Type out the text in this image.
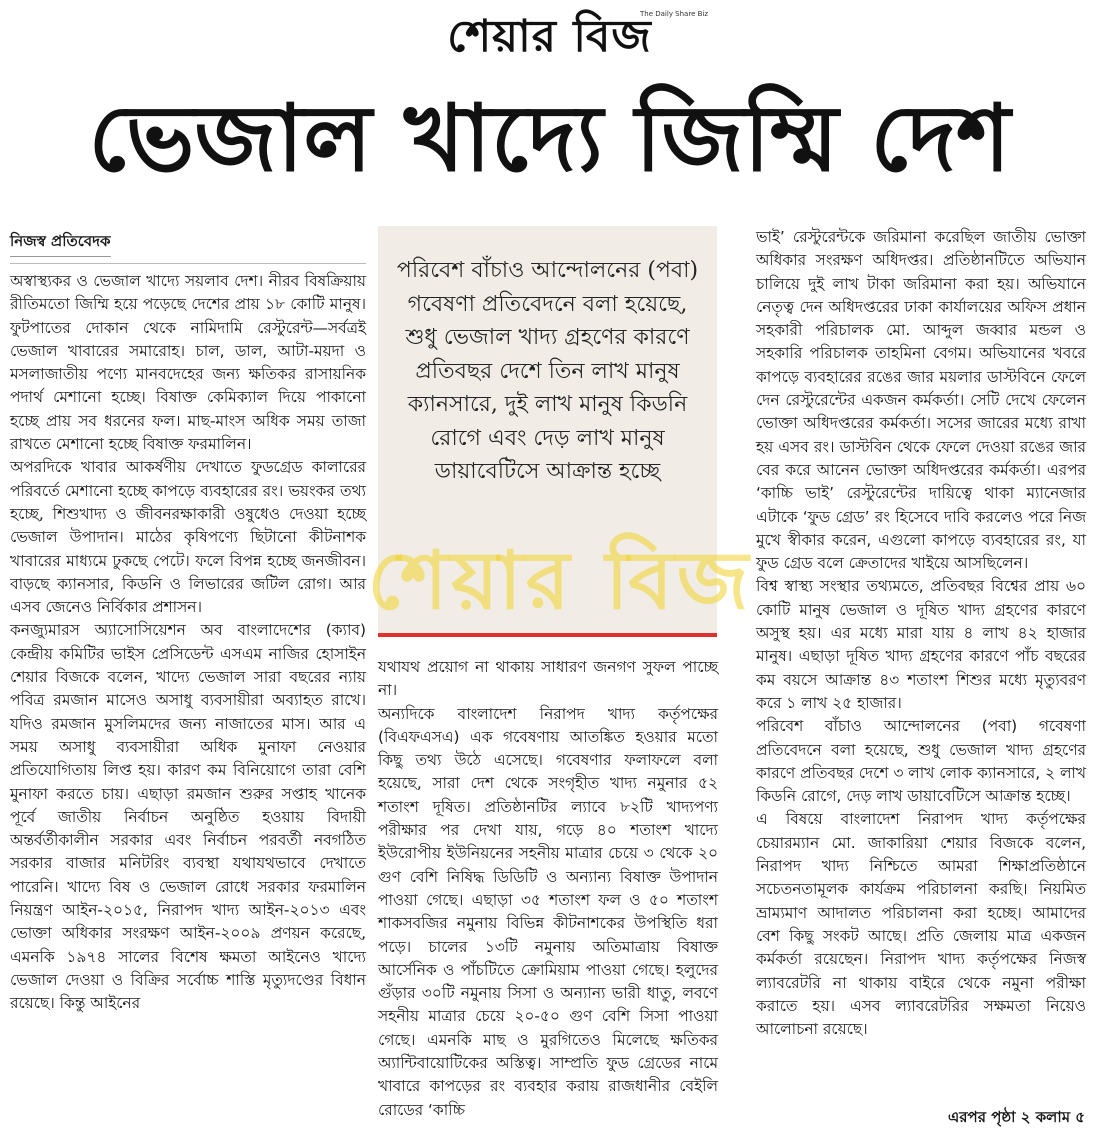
শেয়ার বিজ
The Daily Share Biz
ভেজাল খাদ্যে জিম্মি দেশ
নিজস্ব প্রতিবেদক

অস্বাস্থ্যকর ও ভেজাল খাদ্যে সয়লাব দেশ। নীরব বিষক্রিয়ায় রীতিমতো জিম্মি হয়ে পড়েছে দেশের প্রায় ১৮ কোটি মানুষ। ফুটপাতের দোকান থেকে নামিদামি রেস্টুরেন্ট—সর্বত্রই ভেজাল খাবারের সমারোহ। চাল, ডাল, আটা-ময়দা ও মসলাজাতীয় পণ্যে মানবদেহের জন্য ক্ষতিকর রাসায়নিক পদার্থ মেশানো হচ্ছে। বিষাক্ত কেমিক্যাল দিয়ে পাকানো হচ্ছে প্রায় সব ধরনের ফল। মাছ-মাংস অধিক সময় তাজা রাখতে মেশানো হচ্ছে বিষাক্ত ফরমালিন।

অপরদিকে খাবার আকর্ষণীয় দেখাতে ফুডগ্রেড কালারের পরিবর্তে মেশানো হচ্ছে কাপড়ে ব্যবহারের রং। ভয়ংকর তথ্য হচ্ছে, শিশুখাদ্য ও জীবনরক্ষাকারী ওষুধেও দেওয়া হচ্ছে ভেজাল উপাদান। মাঠের কৃষিপণ্যে ছিটানো কীটনাশক খাবারের মাধ্যমে ঢুকছে পেটে। ফলে বিপন্ন হচ্ছে জনজীবন। বাড়ছে ক্যানসার, কিডনি ও লিভারের জটিল রোগ। আর এসব জেনেও নির্বিকার প্রশাসন।

কনজ্যুমারস অ্যাসোসিয়েশন অব বাংলাদেশের (ক্যাব) কেন্দ্রীয় কমিটির ভাইস প্রেসিডেন্ট এসএম নাজির হোসাইন শেয়ার বিজকে বলেন, খাদ্যে ভেজাল সারা বছরের ন্যায় পবিত্র রমজান মাসেও অসাধু ব্যবসায়ীরা অব্যাহত রাখে। যদিও রমজান মুসলিমদের জন্য নাজাতের মাস। আর এ সময় অসাধু ব্যবসায়ীরা অধিক মুনাফা নেওয়ার প্রতিযোগিতায় লিপ্ত হয়। কারণ কম বিনিয়োগে তারা বেশি মুনাফা করতে চায়। এছাড়া রমজান শুরুর সপ্তাহ খানেক পূর্বে জাতীয় নির্বাচন অনুষ্ঠিত হওয়ায় বিদায়ী অন্তর্বর্তীকালীন সরকার এবং নির্বাচন পরবর্তী নবগঠিত সরকার বাজার মনিটরিং ব্যবস্থা যথাযথভাবে দেখাতে পারেনি। খাদ্যে বিষ ও ভেজাল রোধে সরকার ফরমালিন নিয়ন্ত্রণ আইন-২০১৫, নিরাপদ খাদ্য আইন-২০১৩ এবং ভোক্তা অধিকার সংরক্ষণ আইন-২০০৯ প্রণয়ন করেছে, এমনকি ১৯৭৪ সালের বিশেষ ক্ষমতা আইনেও খাদ্যে ভেজাল দেওয়া ও বিক্রির সর্বোচ্চ শাস্তি মৃত্যুদণ্ডের বিধান রয়েছে। কিন্তু আইনের

পরিবেশ বাঁচাও আন্দোলনের (পবা) গবেষণা প্রতিবেদনে বলা হয়েছে, শুধু ভেজাল খাদ্য গ্রহণের কারণে প্রতিবছর দেশে তিন লাখ মানুষ ক্যানসারে, দুই লাখ মানুষ কিডনি রোগে এবং দেড় লাখ মানুষ ডায়াবেটিসে আক্রান্ত হচ্ছে

যথাযথ প্রয়োগ না থাকায় সাধারণ জনগণ সুফল পাচ্ছে না।

অন্যদিকে বাংলাদেশ নিরাপদ খাদ্য কর্তৃপক্ষের (বিএফএসএ) এক গবেষণায় আতঙ্কিত হওয়ার মতো কিছু তথ্য উঠে এসেছে। গবেষণার ফলাফলে বলা হয়েছে, সারা দেশ থেকে সংগৃহীত খাদ্য নমুনার ৫২ শতাংশ দূষিত। প্রতিষ্ঠানটির ল্যাবে ৮২টি খাদ্যপণ্য পরীক্ষার পর দেখা যায়, গড়ে ৪০ শতাংশ খাদ্যে ইউরোপীয় ইউনিয়নের সহনীয় মাত্রার চেয়ে ৩ থেকে ২০ গুণ বেশি নিষিদ্ধ ডিডিটি ও অন্যান্য বিষাক্ত উপাদান পাওয়া গেছে। এছাড়া ৩৫ শতাংশ ফল ও ৫০ শতাংশ শাকসবজির নমুনায় বিভিন্ন কীটনাশকের উপস্থিতি ধরা পড়ে। চালের ১৩টি নমুনায় অতিমাত্রায় বিষাক্ত আর্সেনিক ও পাঁচটিতে ক্রোমিয়াম পাওয়া গেছে। হলুদের গুঁড়ার ৩০টি নমুনায় সিসা ও অন্যান্য ভারী ধাতু, লবণে সহনীয় মাত্রার চেয়ে ২০-৫০ গুণ বেশি সিসা পাওয়া গেছে। এমনকি মাছ ও মুরগিতেও মিলেছে ক্ষতিকর অ্যান্টিবায়োটিকের অস্তিত্ব। সাম্প্রতি ফুড গ্রেডের নামে খাবারে কাপড়ের রং ব্যবহার করায় রাজধানীর বেইলি রোডের ‘কাচ্চি

ভাই’ রেস্টুরেন্টকে জরিমানা করেছিল জাতীয় ভোক্তা অধিকার সংরক্ষণ অধিদপ্তর। প্রতিষ্ঠানটিতে অভিযান চালিয়ে দুই লাখ টাকা জরিমানা করা হয়। অভিযানে নেতৃত্ব দেন অধিদপ্তরের ঢাকা কার্যালয়ের অফিস প্রধান সহকারী পরিচালক মো. আব্দুল জব্বার মন্ডল ও সহকারি পরিচালক তাহমিনা বেগম। অভিযানের খবরে কাপড়ে ব্যবহারের রঙের জার ময়লার ডাস্টবিনে ফেলে দেন রেস্টুরেন্টের একজন কর্মকর্তা। সেটি দেখে ফেলেন ভোক্তা অধিদপ্তরের কর্মকর্তা। সসের জারের মধ্যে রাখা হয় এসব রং। ডাস্টবিন থেকে ফেলে দেওয়া রঙের জার বের করে আনেন ভোক্তা অধিদপ্তরের কর্মকর্তা। এরপর ‘কাচ্চি ভাই’ রেস্টুরেন্টের দায়িত্বে থাকা ম্যানেজার এটাকে ‘ফুড গ্রেড’ রং হিসেবে দাবি করলেও পরে নিজ মুখে স্বীকার করেন, এগুলো কাপড়ে ব্যবহারের রং, যা ফুড গ্রেড বলে ক্রেতাদের খাইয়ে আসছিলেন।

বিশ্ব স্বাস্থ্য সংস্থার তথ্যমতে, প্রতিবছর বিশ্বের প্রায় ৬০ কোটি মানুষ ভেজাল ও দূষিত খাদ্য গ্রহণের কারণে অসুস্থ হয়। এর মধ্যে মারা যায় ৪ লাখ ৪২ হাজার মানুষ। এছাড়া দূষিত খাদ্য গ্রহণের কারণে পাঁচ বছরের কম বয়সে আক্রান্ত ৪৩ শতাংশ শিশুর মধ্যে মৃত্যুবরণ করে ১ লাখ ২৫ হাজার।

পরিবেশ বাঁচাও আন্দোলনের (পবা) গবেষণা প্রতিবেদনে বলা হয়েছে, শুধু ভেজাল খাদ্য গ্রহণের কারণে প্রতিবছর দেশে ৩ লাখ লোক ক্যানসারে, ২ লাখ কিডনি রোগে, দেড় লাখ ডায়াবেটিসে আক্রান্ত হচ্ছে।

এ বিষয়ে বাংলাদেশ নিরাপদ খাদ্য কর্তৃপক্ষের চেয়ারম্যান মো. জাকারিয়া শেয়ার বিজকে বলেন, নিরাপদ খাদ্য নিশ্চিতে আমরা শিক্ষাপ্রতিষ্ঠানে সচেতনতামূলক কার্যক্রম পরিচালনা করছি। নিয়মিত ভ্রাম্যমাণ আদালত পরিচালনা করা হচ্ছে। আমাদের বেশ কিছু সংকট আছে। প্রতি জেলায় মাত্র একজন কর্মকর্তা রয়েছেন। নিরাপদ খাদ্য কর্তৃপক্ষের নিজস্ব ল্যাবরেটরি না থাকায় বাইরে থেকে নমুনা পরীক্ষা করাতে হয়। এসব ল্যাবরেটরির সক্ষমতা নিয়েও আলোচনা রয়েছে।

এরপর পৃষ্ঠা ২ কলাম ৫
শেয়ার বিজ
